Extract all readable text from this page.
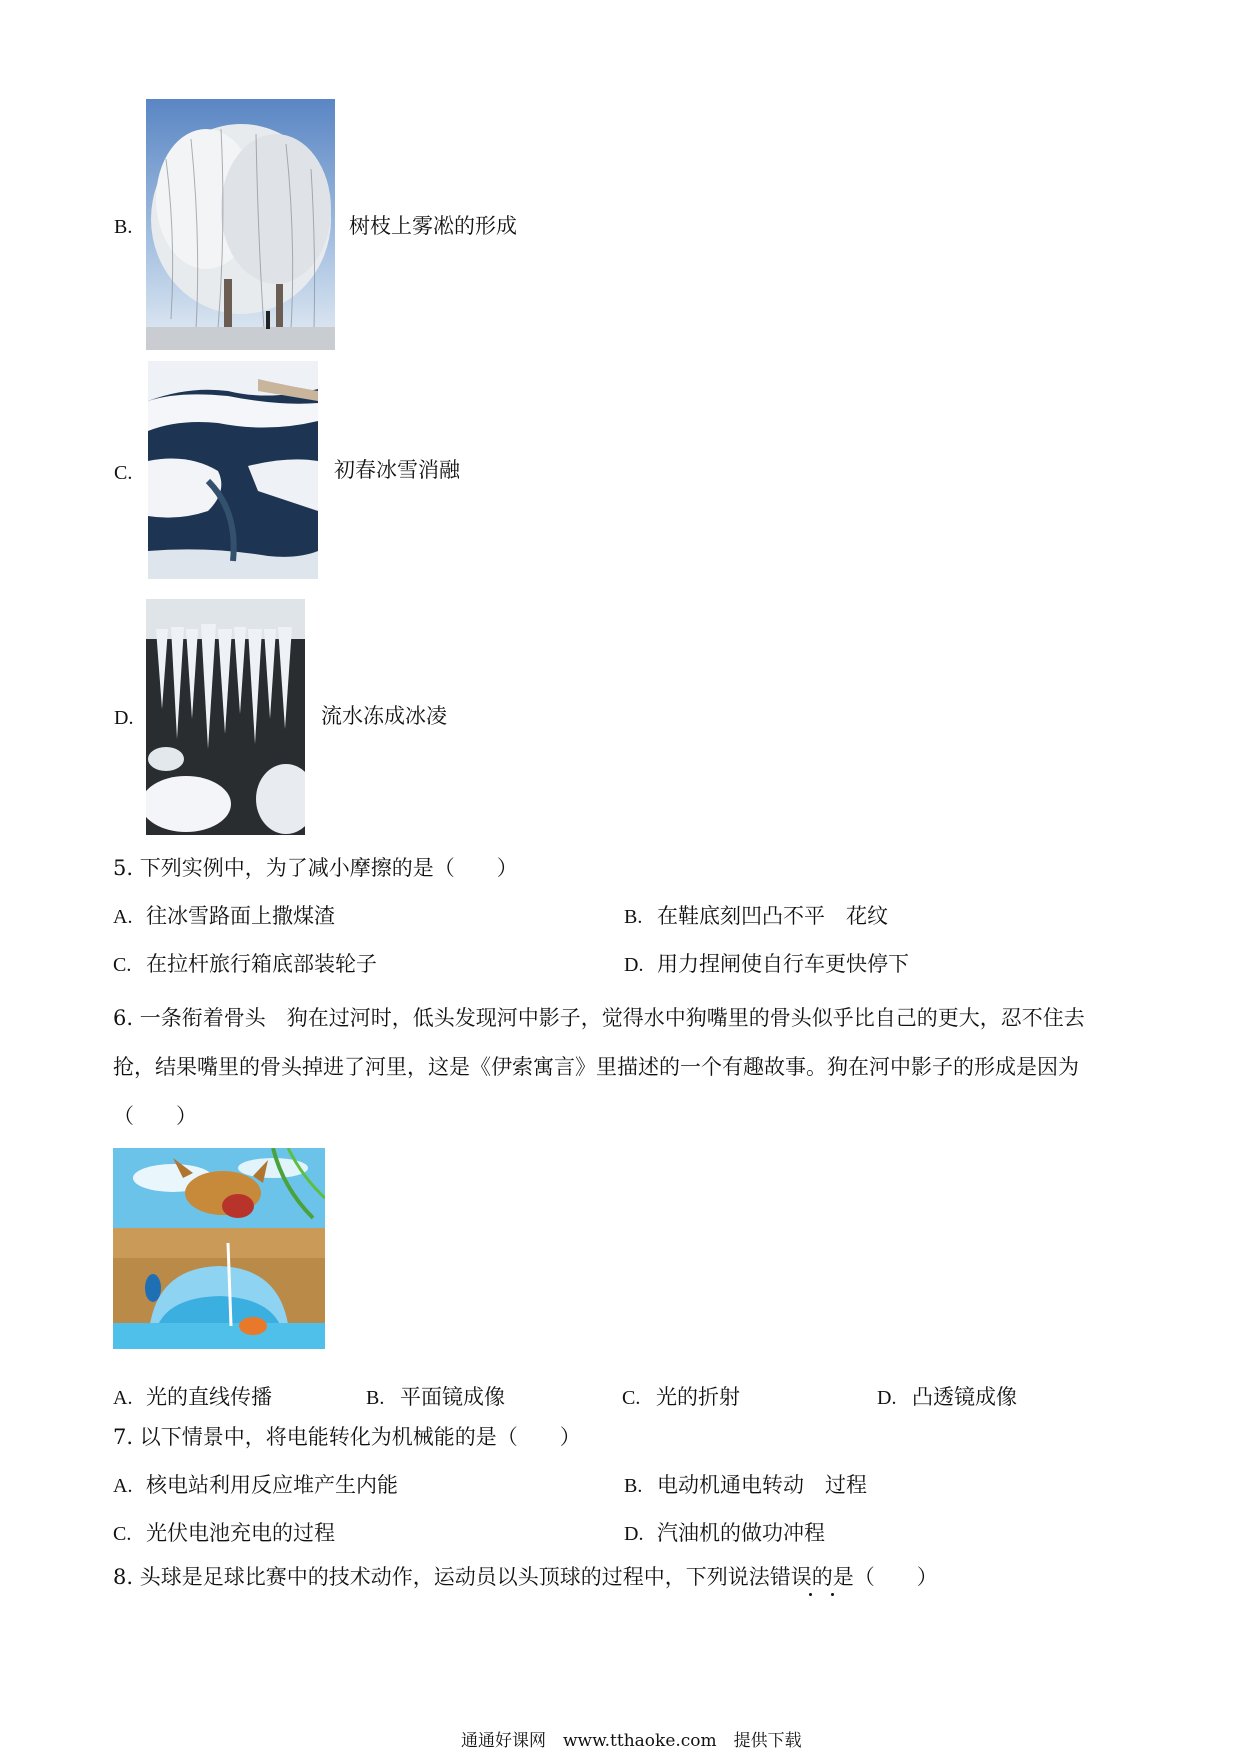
B.	树枝上雾凇的形成
C.	初春冰雪消融
D.	流水冻成冰凌
5. 下列实例中，为了减小摩擦的是（　　）
A. 往冰雪路面上撒煤渣	B. 在鞋底刻凹凸不平　花纹
C. 在拉杆旅行箱底部装轮子	D. 用力捏闸使自行车更快停下
6. 一条衔着骨头　狗在过河时，低头发现河中影子，觉得水中狗嘴里的骨头似乎比自己的更大，忍不住去
抢，结果嘴里的骨头掉进了河里，这是《伊索寓言》里描述的一个有趣故事。狗在河中影子的形成是因为
（　　）
A. 光的直线传播	B. 平面镜成像	C. 光的折射	D. 凸透镜成像
7. 以下情景中，将电能转化为机械能的是（　　）
A. 核电站利用反应堆产生内能	B. 电动机通电转动　过程
C. 光伏电池充电的过程	D. 汽油机的做功冲程
8. 头球是足球比赛中的技术动作，运动员以头顶球的过程中，下列说法错误的是（　　）
通通好课网　www.tthaoke.com　提供下载
